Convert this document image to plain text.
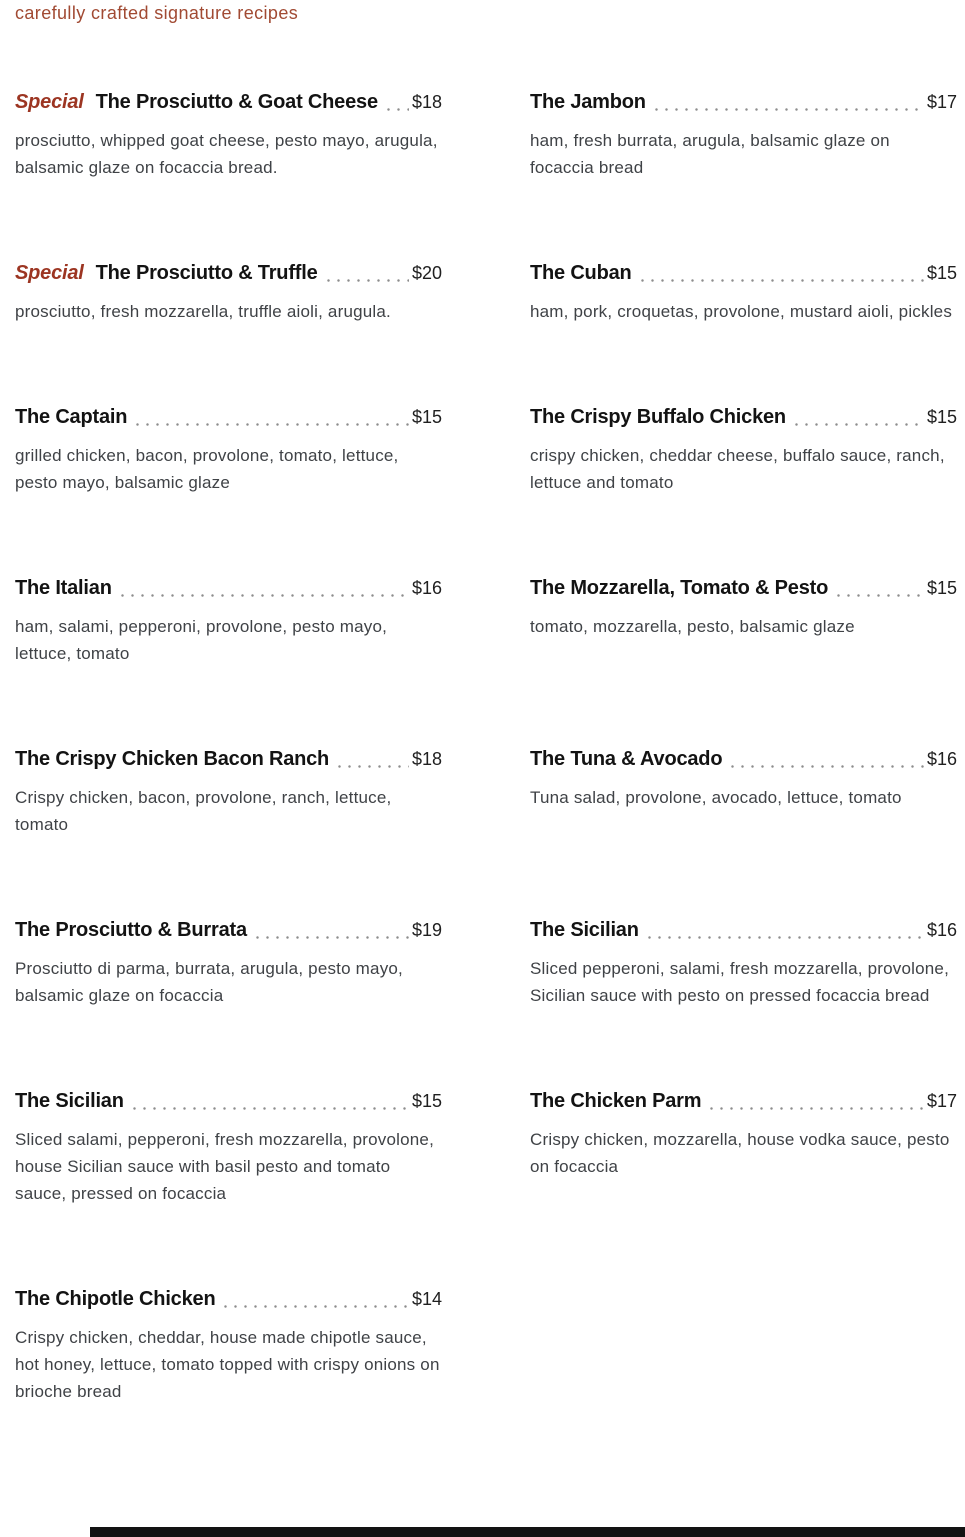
carefully crafted signature recipes
Special The Prosciutto & Goat Cheese $18
prosciutto, whipped goat cheese, pesto mayo, arugula, balsamic glaze on focaccia bread.
The Jambon	$17
ham, fresh burrata, arugula, balsamic glaze on focaccia bread
Special The Prosciutto & Truffle	$20
prosciutto, fresh mozzarella, truffle aioli, arugula.
The Cuban	$15
ham, pork, croquetas, provolone, mustard aioli, pickles
The Captain	$15
grilled chicken, bacon, provolone, tomato, lettuce, pesto mayo, balsamic glaze
The Crispy Buffalo Chicken	$15
crispy chicken, cheddar cheese, buffalo sauce, ranch, lettuce and tomato
The Italian	$16
ham, salami, pepperoni, provolone, pesto mayo, lettuce, tomato
The Mozzarella, Tomato & Pesto	$15
tomato, mozzarella, pesto, balsamic glaze
The Crispy Chicken Bacon Ranch	$18
Crispy chicken, bacon, provolone, ranch, lettuce, tomato
The Tuna & Avocado	$16
Tuna salad, provolone, avocado, lettuce, tomato
The Prosciutto & Burrata	$19
Prosciutto di parma, burrata, arugula, pesto mayo, balsamic glaze on focaccia
The Sicilian	$16
Sliced pepperoni, salami, fresh mozzarella, provolone, Sicilian sauce with pesto on pressed focaccia bread
The Sicilian	$15
Sliced salami, pepperoni, fresh mozzarella, provolone, house Sicilian sauce with basil pesto and tomato sauce, pressed on focaccia
The Chicken Parm	$17
Crispy chicken, mozzarella, house vodka sauce, pesto on focaccia
The Chipotle Chicken	$14
Crispy chicken, cheddar, house made chipotle sauce, hot honey, lettuce, tomato topped with crispy onions on brioche bread
